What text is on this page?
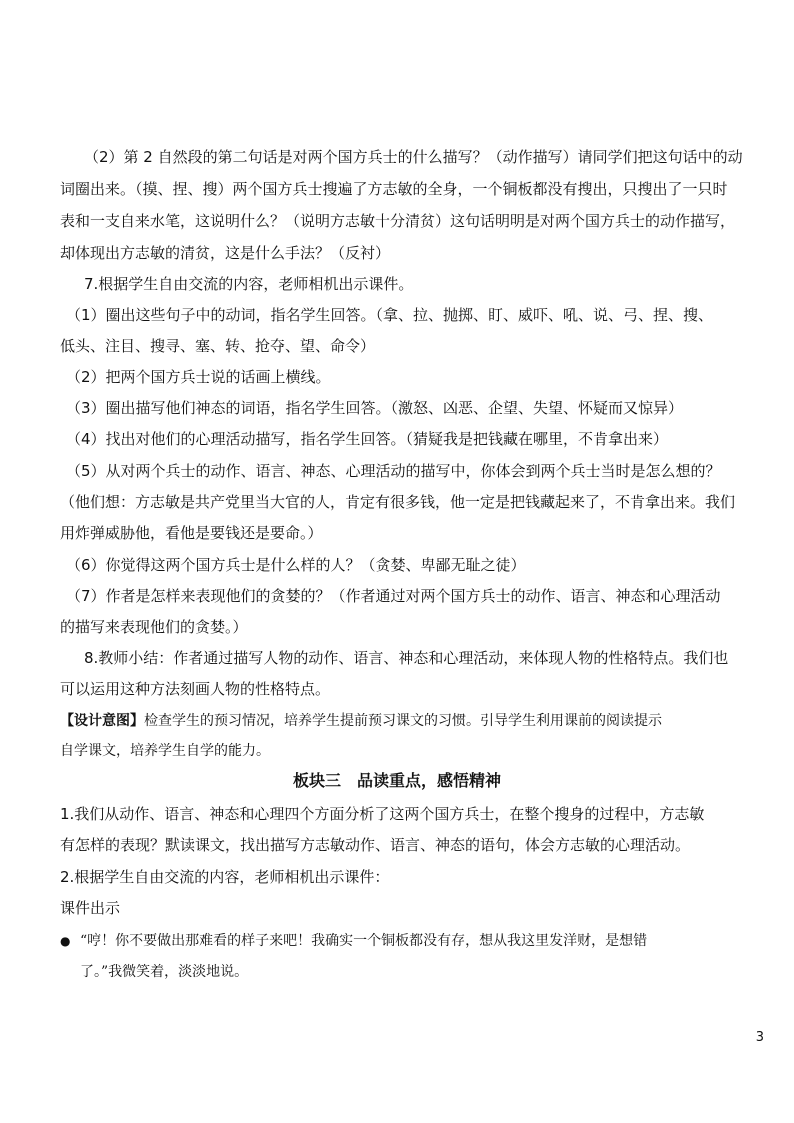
（2）第 2 自然段的第二句话是对两个国方兵士的什么描写？（动作描写）请同学们把这句话中的动
词圈出来。（摸、捏、搜）两个国方兵士搜遍了方志敏的全身，一个铜板都没有搜出，只搜出了一只时
表和一支自来水笔，这说明什么？（说明方志敏十分清贫）这句话明明是对两个国方兵士的动作描写，
却体现出方志敏的清贫，这是什么手法？（反衬）
7.根据学生自由交流的内容，老师相机出示课件。
（1）圈出这些句子中的动词，指名学生回答。（拿、拉、抛掷、盯、威吓、吼、说、弓、捏、搜、
低头、注目、搜寻、塞、转、抢夺、望、命令）
（2）把两个国方兵士说的话画上横线。
（3）圈出描写他们神态的词语，指名学生回答。（激怒、凶恶、企望、失望、怀疑而又惊异）
（4）找出对他们的心理活动描写，指名学生回答。（猜疑我是把钱藏在哪里，不肯拿出来）
（5）从对两个兵士的动作、语言、神态、心理活动的描写中，你体会到两个兵士当时是怎么想的？
（他们想：方志敏是共产党里当大官的人，肯定有很多钱，他一定是把钱藏起来了，不肯拿出来。我们
用炸弹威胁他，看他是要钱还是要命。）
（6）你觉得这两个国方兵士是什么样的人？（贪婪、卑鄙无耻之徒）
（7）作者是怎样来表现他们的贪婪的？（作者通过对两个国方兵士的动作、语言、神态和心理活动
的描写来表现他们的贪婪。）
8.教师小结：作者通过描写人物的动作、语言、神态和心理活动，来体现人物的性格特点。我们也
可以运用这种方法刻画人物的性格特点。
【设计意图】检查学生的预习情况，培养学生提前预习课文的习惯。引导学生利用课前的阅读提示
自学课文，培养学生自学的能力。
板块三　品读重点，感悟精神
1.我们从动作、语言、神态和心理四个方面分析了这两个国方兵士，在整个搜身的过程中，方志敏
有怎样的表现？默读课文，找出描写方志敏动作、语言、神态的语句，体会方志敏的心理活动。
2.根据学生自由交流的内容，老师相机出示课件：
课件出示
● “哼！你不要做出那难看的样子来吧！我确实一个铜板都没有存，想从我这里发洋财，是想错
了。”我微笑着，淡淡地说。
3
